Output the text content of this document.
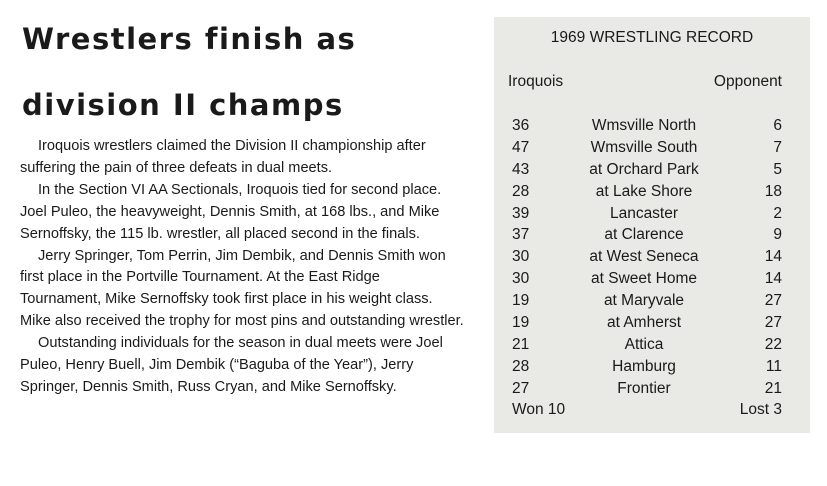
Wrestlers finish as
division II champs

Iroquois wrestlers claimed the Division II championship after suffering the pain of three defeats in dual meets.

In the Section VI AA Sectionals, Iroquois tied for second place. Joel Puleo, the heavyweight, Dennis Smith, at 168 lbs., and Mike Sernoffsky, the 115 lb. wrestler, all placed second in the finals.

Jerry Springer, Tom Perrin, Jim Dembik, and Dennis Smith won first place in the Portville Tournament. At the East Ridge Tournament, Mike Sernoffsky took first place in his weight class. Mike also received the trophy for most pins and outstanding wrestler.

Outstanding individuals for the season in dual meets were Joel Puleo, Henry Buell, Jim Dembik (“Baguba of the Year”), Jerry Springer, Dennis Smith, Russ Cryan, and Mike Sernoffsky.

1969 WRESTLING RECORD
Iroquois	Opponent
36	Wmsville North	6
47	Wmsville South	7
43	at Orchard Park	5
28	at Lake Shore	18
39	Lancaster	2
37	at Clarence	9
30	at West Seneca	14
30	at Sweet Home	14
19	at Maryvale	27
19	at Amherst	27
21	Attica	22
28	Hamburg	11
27	Frontier	21
Won 10	Lost 3
